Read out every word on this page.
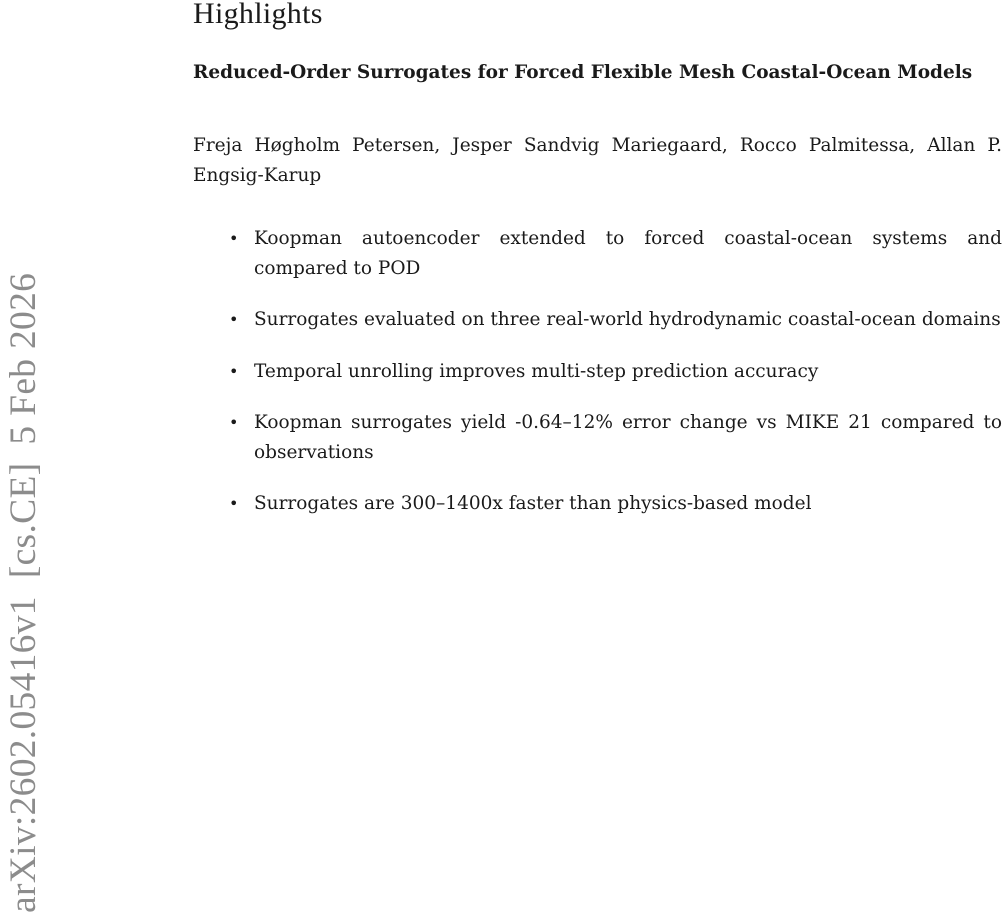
arXiv:2602.05416v1
[cs.CE]
5 Feb 2026
Highlights
Reduced-Order Surrogates for Forced Flexible Mesh Coastal-Ocean Models

Freja Høgholm Petersen, Jesper Sandvig Mariegaard, Rocco Palmitessa, Allan P. Engsig-Karup

• Koopman autoencoder extended to forced coastal-ocean systems and compared to POD
• Surrogates evaluated on three real-world hydrodynamic coastal-ocean domains
• Temporal unrolling improves multi-step prediction accuracy
• Koopman surrogates yield -0.64–12% error change vs MIKE 21 compared to observations
• Surrogates are 300–1400x faster than physics-based model
